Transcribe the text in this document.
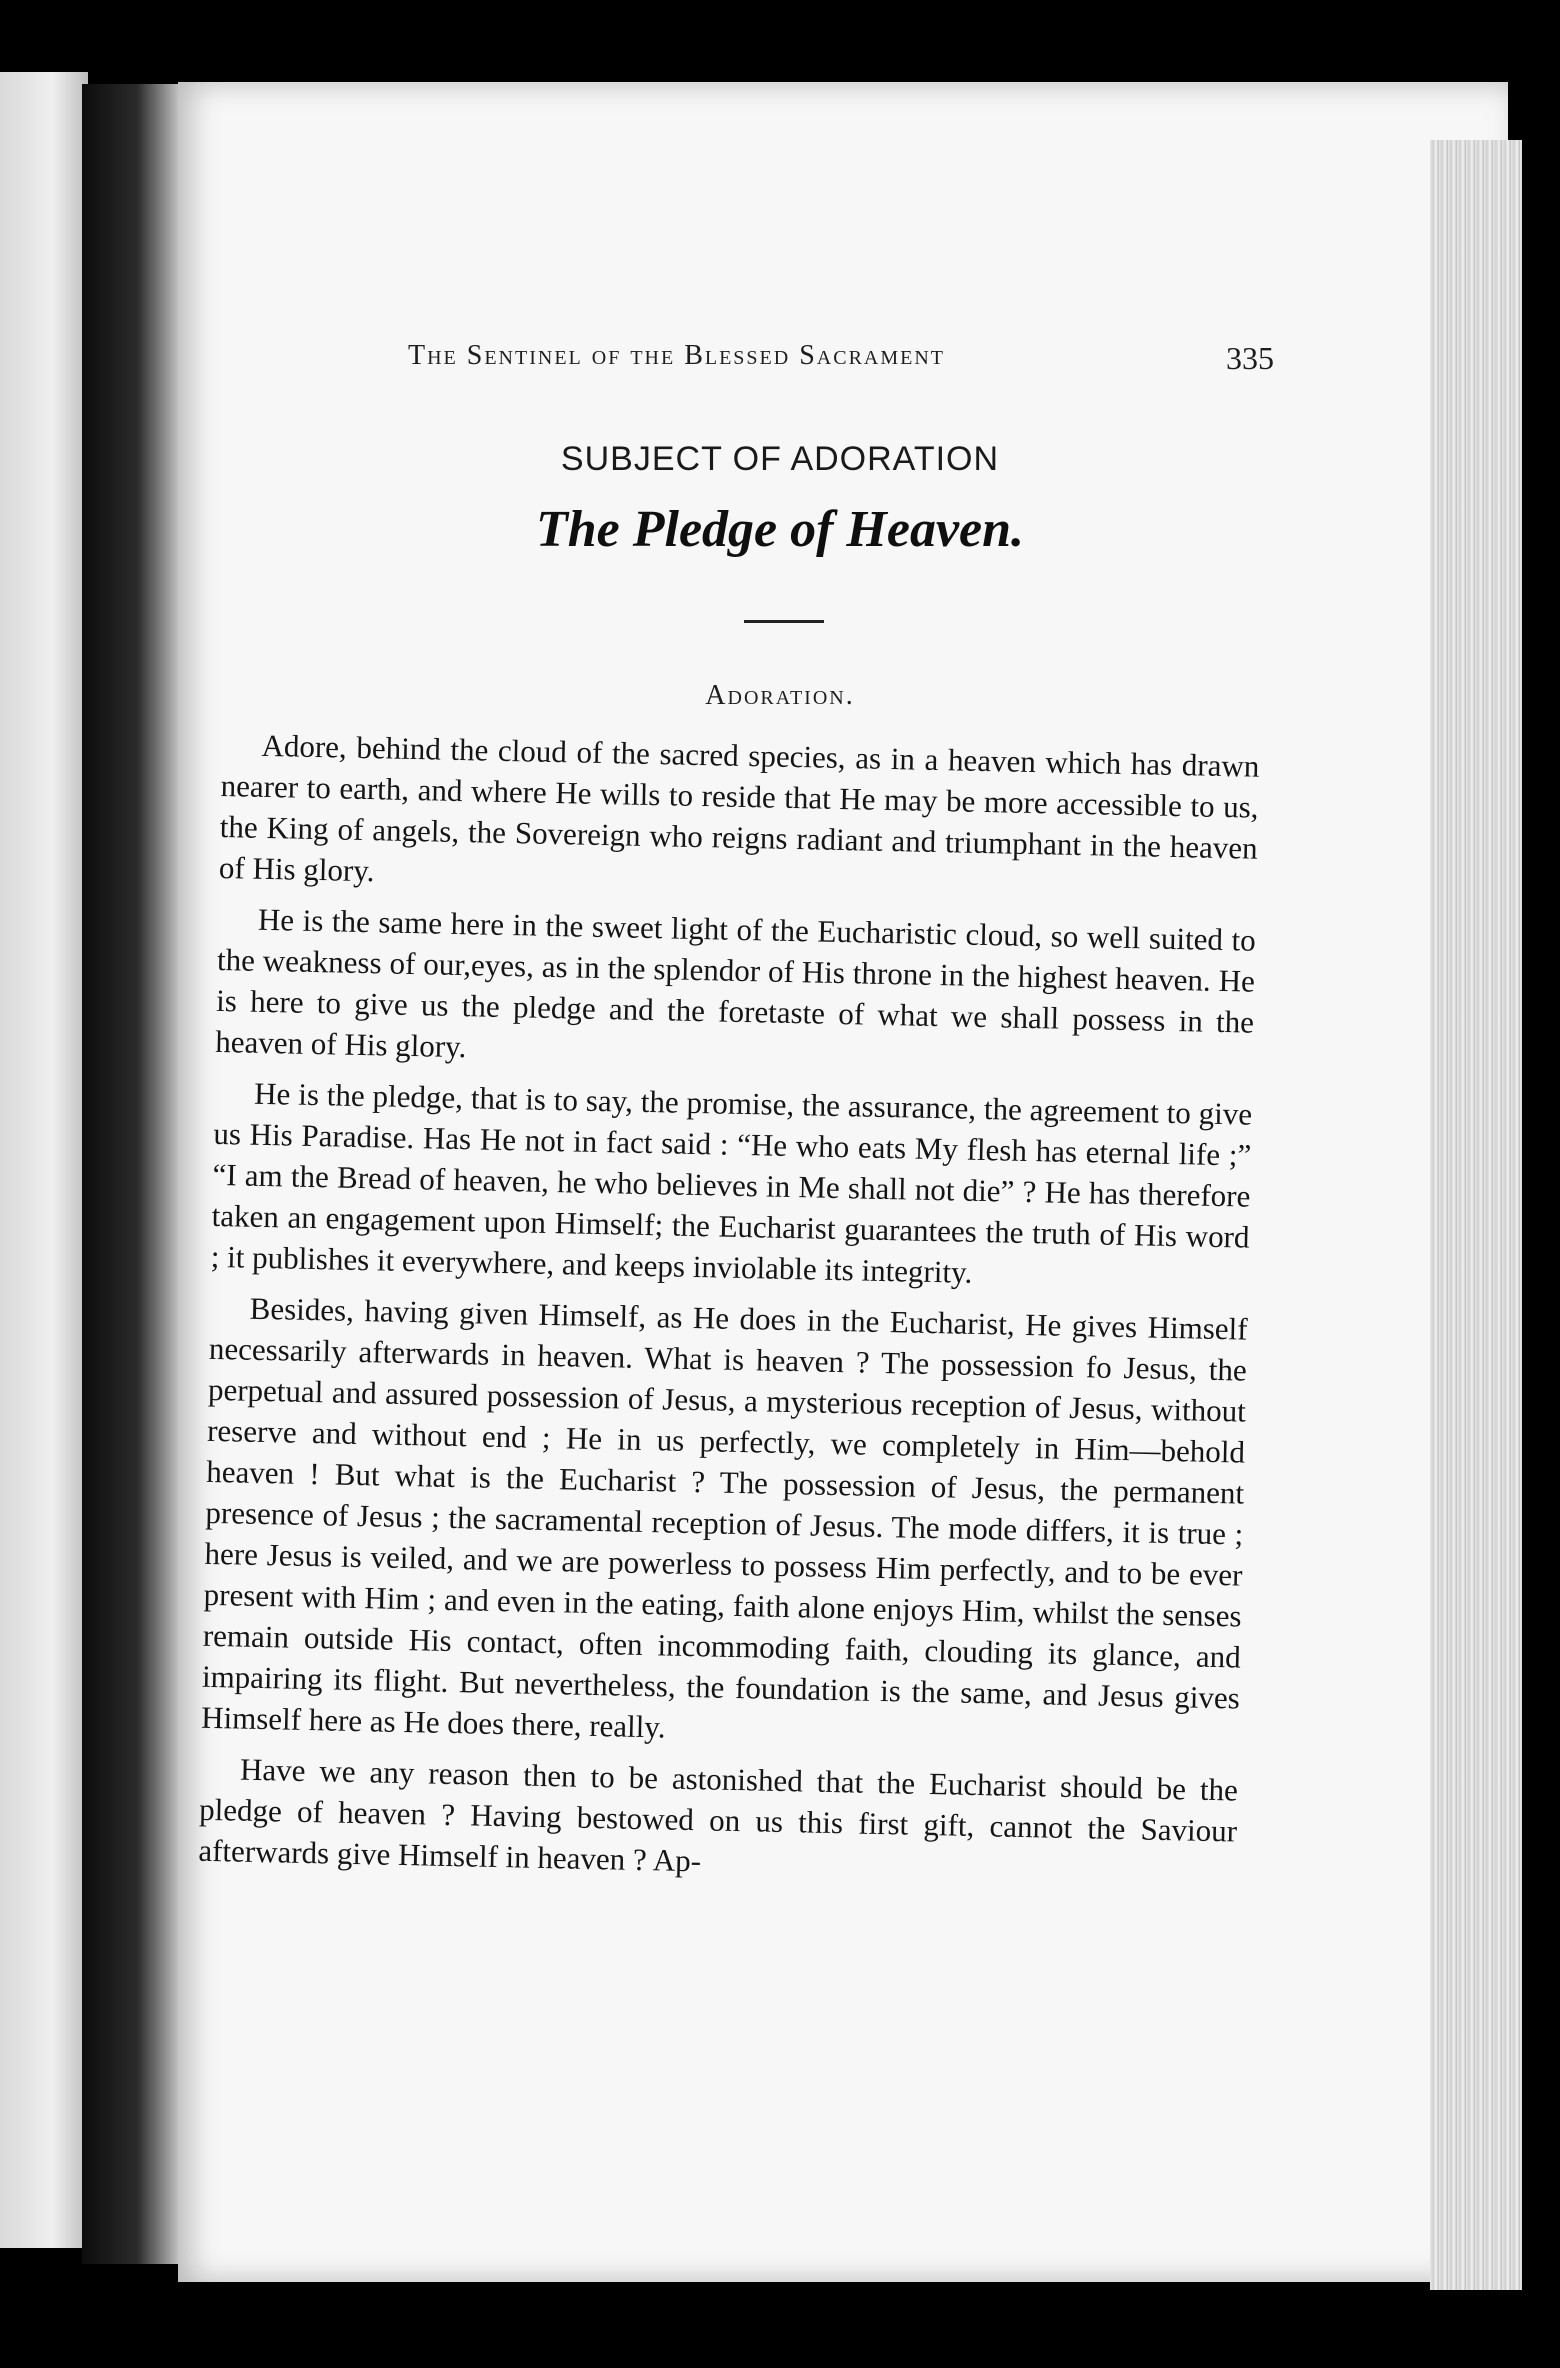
The Sentinel of the Blessed Sacrament	335
SUBJECT OF ADORATION
The Pledge of Heaven.
Adoration.

Adore, behind the cloud of the sacred species, as in a heaven which has drawn nearer to earth, and where He wills to reside that He may be more accessible to us, the King of angels, the Sovereign who reigns radiant and triumphant in the heaven of His glory.

He is the same here in the sweet light of the Eucharistic cloud, so well suited to the weakness of our,eyes, as in the splendor of His throne in the highest heaven. He is here to give us the pledge and the foretaste of what we shall possess in the heaven of His glory.

He is the pledge, that is to say, the promise, the assurance, the agreement to give us His Paradise. Has He not in fact said : “He who eats My flesh has eternal life ;” “I am the Bread of heaven, he who believes in Me shall not die” ? He has therefore taken an engagement upon Himself; the Eucharist guarantees the truth of His word ; it publishes it everywhere, and keeps inviolable its integrity.

Besides, having given Himself, as He does in the Eucharist, He gives Himself necessarily afterwards in heaven. What is heaven ? The possession fo Jesus, the perpetual and assured possession of Jesus, a mysterious reception of Jesus, without reserve and without end ; He in us perfectly, we completely in Him—behold heaven ! But what is the Eucharist ? The possession of Jesus, the permanent presence of Jesus ; the sacramental reception of Jesus. The mode differs, it is true ; here Jesus is veiled, and we are powerless to possess Him perfectly, and to be ever present with Him ; and even in the eating, faith alone enjoys Him, whilst the senses remain outside His contact, often incommoding faith, clouding its glance, and impairing its flight. But nevertheless, the foundation is the same, and Jesus gives Himself here as He does there, really.

Have we any reason then to be astonished that the Eucharist should be the pledge of heaven ? Having bestowed on us this first gift, cannot the Saviour afterwards give Himself in heaven ? Ap-
